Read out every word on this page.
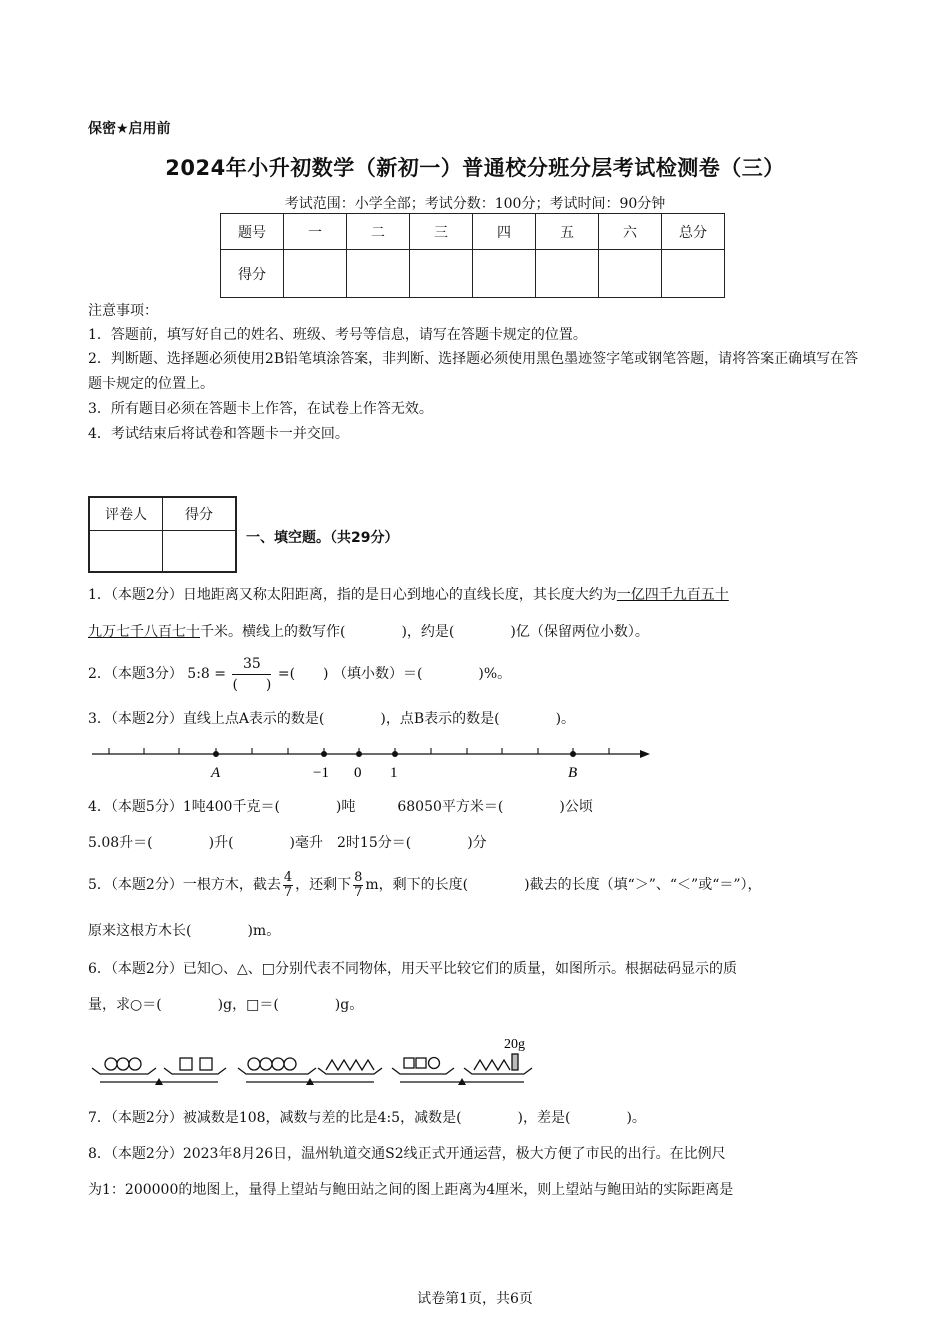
保密★启用前
2024年小升初数学（新初一）普通校分班分层考试检测卷（三）
考试范围：小学全部；考试分数：100分；考试时间：90分钟
题号	一	二	三	四	五	六	总分
得分							
注意事项：
1．答题前，填写好自己的姓名、班级、考号等信息，请写在答题卡规定的位置。
2．判断题、选择题必须使用2B铅笔填涂答案，非判断、选择题必须使用黑色墨迹签字笔或钢笔答题，请将答案正确填写在答题卡规定的位置上。
3．所有题目必须在答题卡上作答，在试卷上作答无效。
4．考试结束后将试卷和答题卡一并交回。
评卷人	得分

一、填空题。（共29分）
1．（本题2分）日地距离又称太阳距离，指的是日心到地心的直线长度，其长度大约为一亿四千九百五十
九万七千八百七十千米。横线上的数写作(　　　　)，约是(　　　　)亿（保留两位小数）。
2．（本题3分） 5:8 = $\frac{35}{( )}$ =(　　) （填小数）＝(　　　　)%。
3．（本题2分）直线上点A表示的数是(　　　　)，点B表示的数是(　　　　)。
A	−1 0 1	B
4．（本题5分）1吨400千克＝(　　　　)吨　　　68050平方米＝(　　　　)公顷
5.08升＝(　　　　)升(　　　　)毫升　2时15分＝(　　　　)分
5．（本题2分）一根方木，截去 $\frac{4}{7}$ ，还剩下 $\frac{8}{7}$ m，剩下的长度(　　　　)截去的长度（填“＞”、“＜”或“＝”），
原来这根方木长(　　　　)m。
6．（本题2分）已知○、△、□分别代表不同物体，用天平比较它们的质量，如图所示。根据砝码显示的质
量，求○＝(　　　　)g，□＝(　　　　)g。
20g
7．（本题2分）被减数是108，减数与差的比是4:5，减数是(　　　　)，差是(　　　　)。
8．（本题2分）2023年8月26日，温州轨道交通S2线正式开通运营，极大方便了市民的出行。在比例尺
为1：200000的地图上，量得上望站与鲍田站之间的图上距离为4厘米，则上望站与鲍田站的实际距离是
试卷第1页，共6页
